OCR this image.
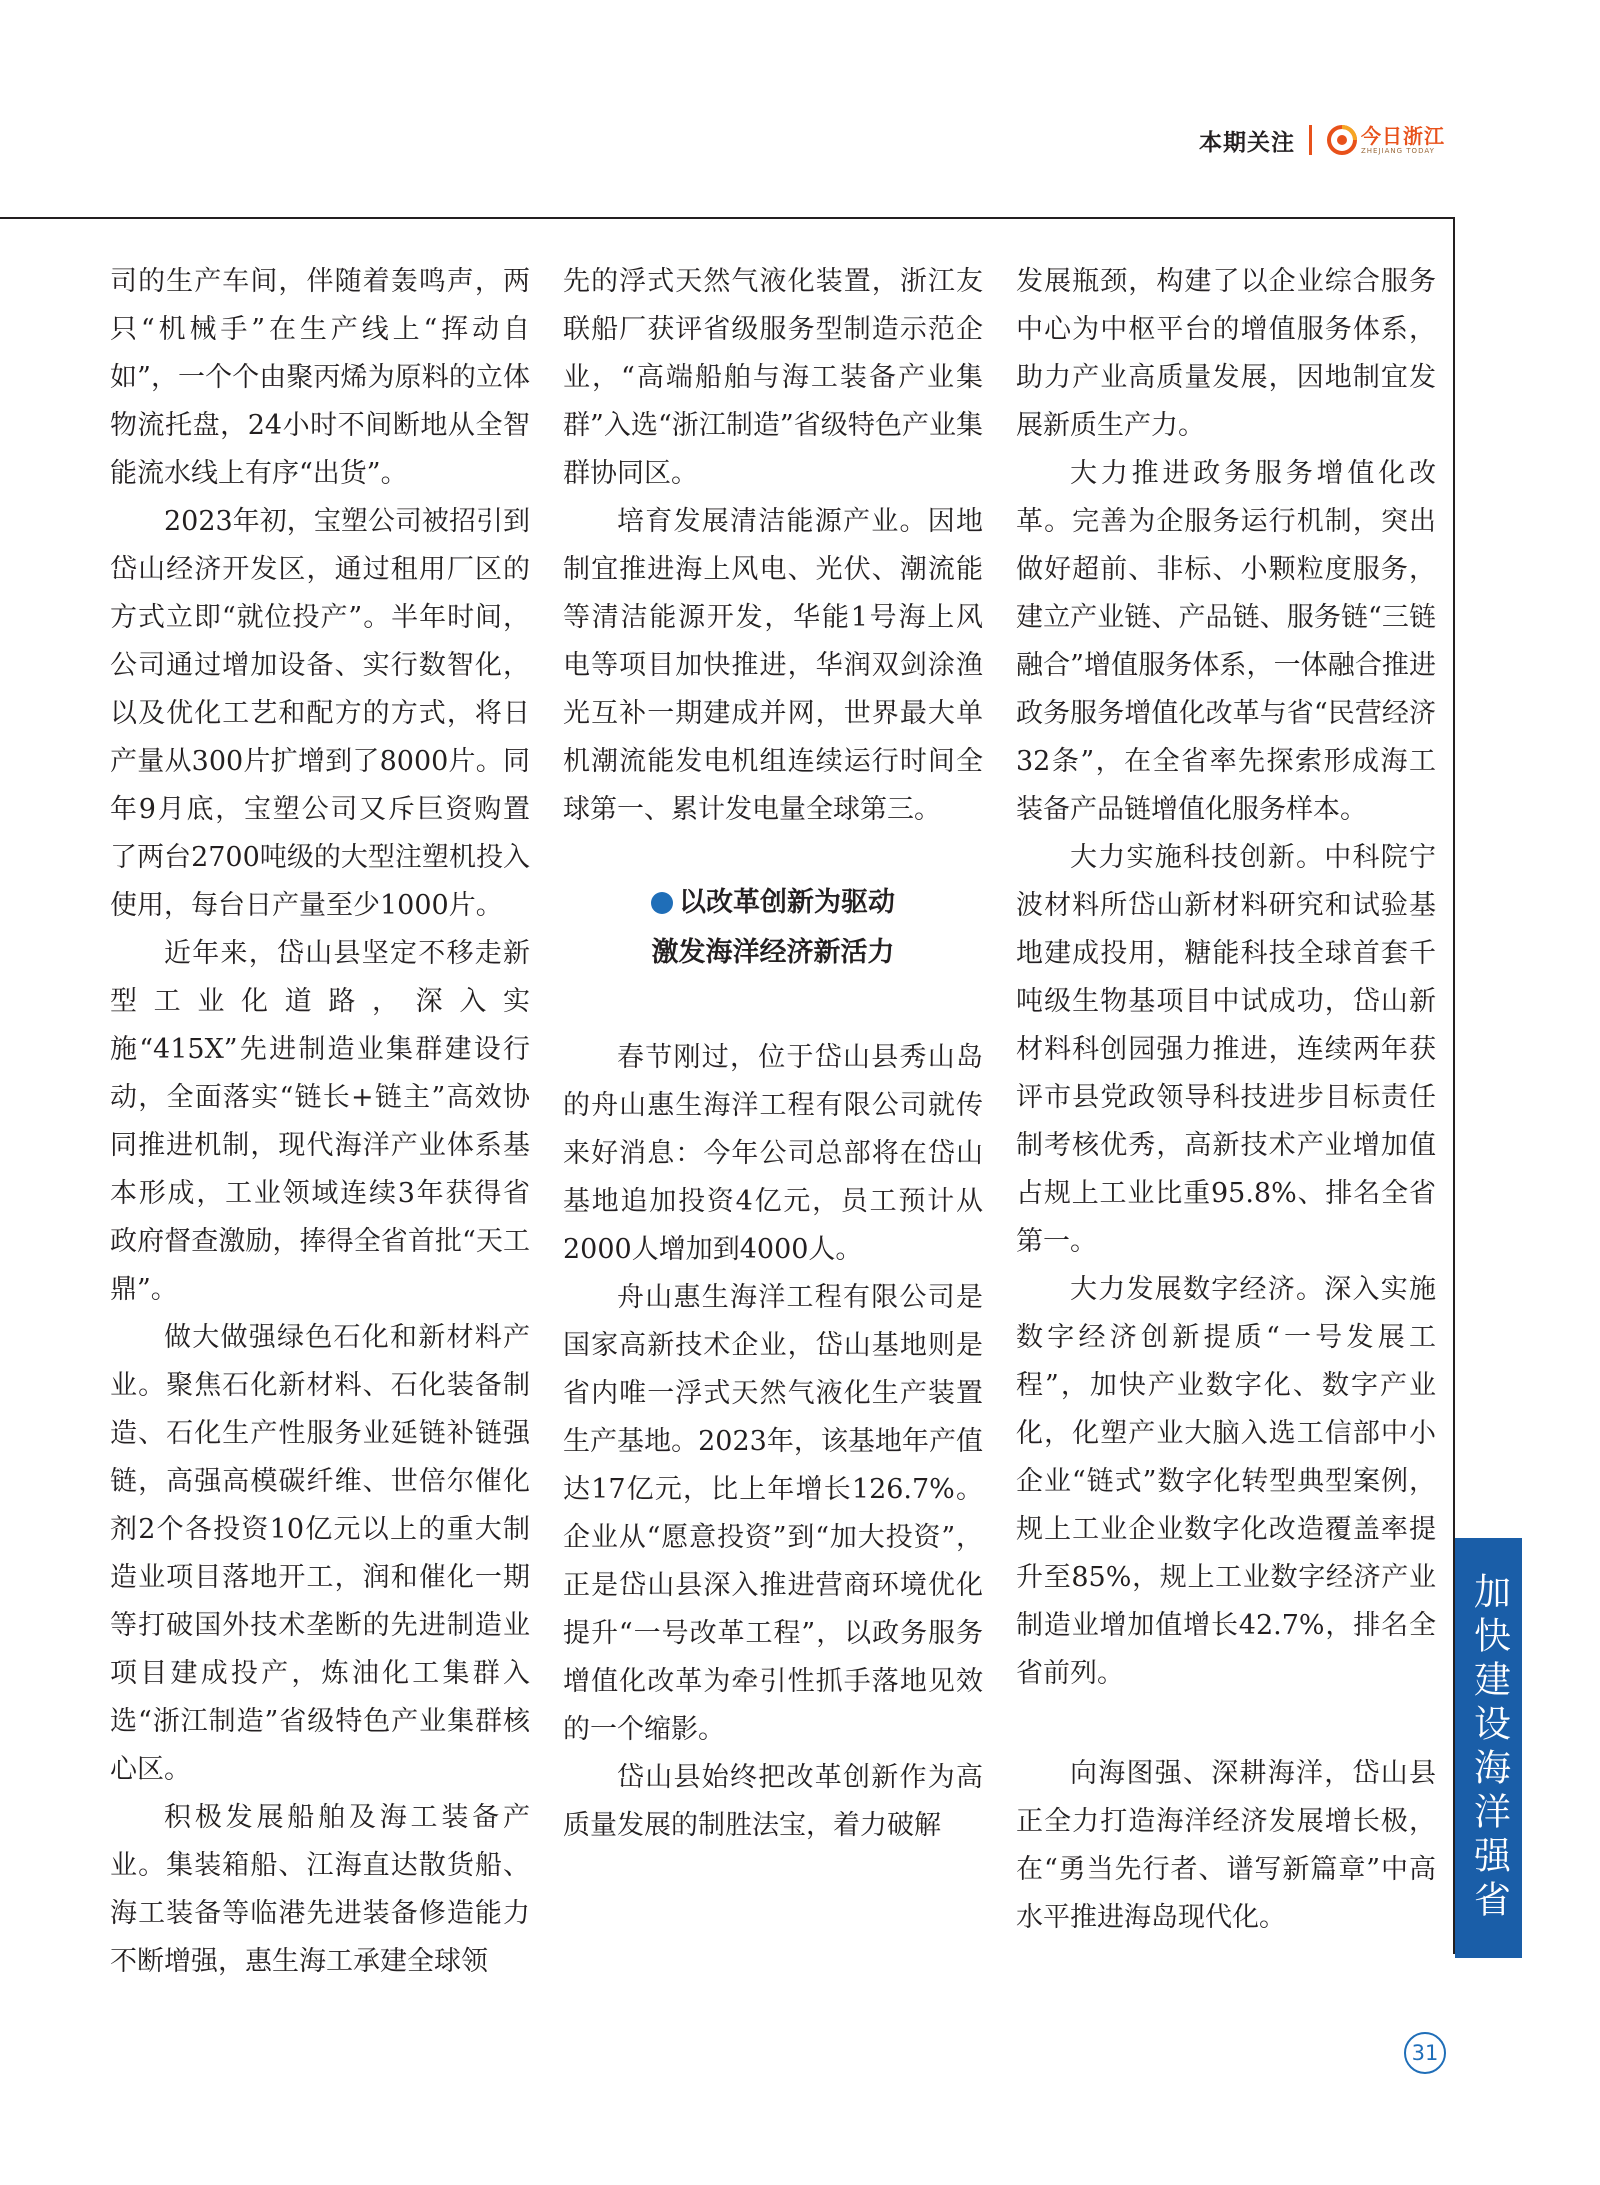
本期关注	今日浙江
ZHEJIANG TODAY

司的生产车间，伴随着轰鸣声，两只“机械手”在生产线上“挥动自如”，一个个由聚丙烯为原料的立体物流托盘，24小时不间断地从全智能流水线上有序“出货”。

2023年初，宝塑公司被招引到岱山经济开发区，通过租用厂区的方式立即“就位投产”。半年时间，公司通过增加设备、实行数智化，以及优化工艺和配方的方式，将日产量从300片扩增到了8000片。同年9月底，宝塑公司又斥巨资购置了两台2700吨级的大型注塑机投入使用，每台日产量至少1000片。

近年来，岱山县坚定不移走新型工业化道路，深入实施“415X”先进制造业集群建设行动，全面落实“链长+链主”高效协同推进机制，现代海洋产业体系基本形成，工业领域连续3年获得省政府督查激励，捧得全省首批“天工鼎”。

做大做强绿色石化和新材料产业。聚焦石化新材料、石化装备制造、石化生产性服务业延链补链强链，高强高模碳纤维、世倍尔催化剂2个各投资10亿元以上的重大制造业项目落地开工，润和催化一期等打破国外技术垄断的先进制造业项目建成投产，炼油化工集群入选“浙江制造”省级特色产业集群核心区。

积极发展船舶及海工装备产业。集装箱船、江海直达散货船、海工装备等临港先进装备修造能力不断增强，惠生海工承建全球领

先的浮式天然气液化装置，浙江友联船厂获评省级服务型制造示范企业，“高端船舶与海工装备产业集群”入选“浙江制造”省级特色产业集群协同区。

培育发展清洁能源产业。因地制宜推进海上风电、光伏、潮流能等清洁能源开发，华能1号海上风电等项目加快推进，华润双剑涂渔光互补一期建成并网，世界最大单机潮流能发电机组连续运行时间全球第一、累计发电量全球第三。

以改革创新为驱动
激发海洋经济新活力

春节刚过，位于岱山县秀山岛的舟山惠生海洋工程有限公司就传来好消息：今年公司总部将在岱山基地追加投资4亿元，员工预计从2000人增加到4000人。

舟山惠生海洋工程有限公司是国家高新技术企业，岱山基地则是省内唯一浮式天然气液化生产装置生产基地。2023年，该基地年产值达17亿元，比上年增长126.7%。企业从“愿意投资”到“加大投资”，正是岱山县深入推进营商环境优化提升“一号改革工程”，以政务服务增值化改革为牵引性抓手落地见效的一个缩影。

岱山县始终把改革创新作为高质量发展的制胜法宝，着力破解

发展瓶颈，构建了以企业综合服务中心为中枢平台的增值服务体系，助力产业高质量发展，因地制宜发展新质生产力。

大力推进政务服务增值化改革。完善为企服务运行机制，突出做好超前、非标、小颗粒度服务，建立产业链、产品链、服务链“三链融合”增值服务体系，一体融合推进政务服务增值化改革与省“民营经济32条”，在全省率先探索形成海工装备产品链增值化服务样本。

大力实施科技创新。中科院宁波材料所岱山新材料研究和试验基地建成投用，糖能科技全球首套千吨级生物基项目中试成功，岱山新材料科创园强力推进，连续两年获评市县党政领导科技进步目标责任制考核优秀，高新技术产业增加值占规上工业比重95.8%、排名全省第一。

大力发展数字经济。深入实施数字经济创新提质“一号发展工程”，加快产业数字化、数字产业化，化塑产业大脑入选工信部中小企业“链式”数字化转型典型案例，规上工业企业数字化改造覆盖率提升至85%，规上工业数字经济产业制造业增加值增长42.7%，排名全省前列。

向海图强、深耕海洋，岱山县正全力打造海洋经济发展增长极，在“勇当先行者、谱写新篇章”中高水平推进海岛现代化。	加快建设海洋强省
31
